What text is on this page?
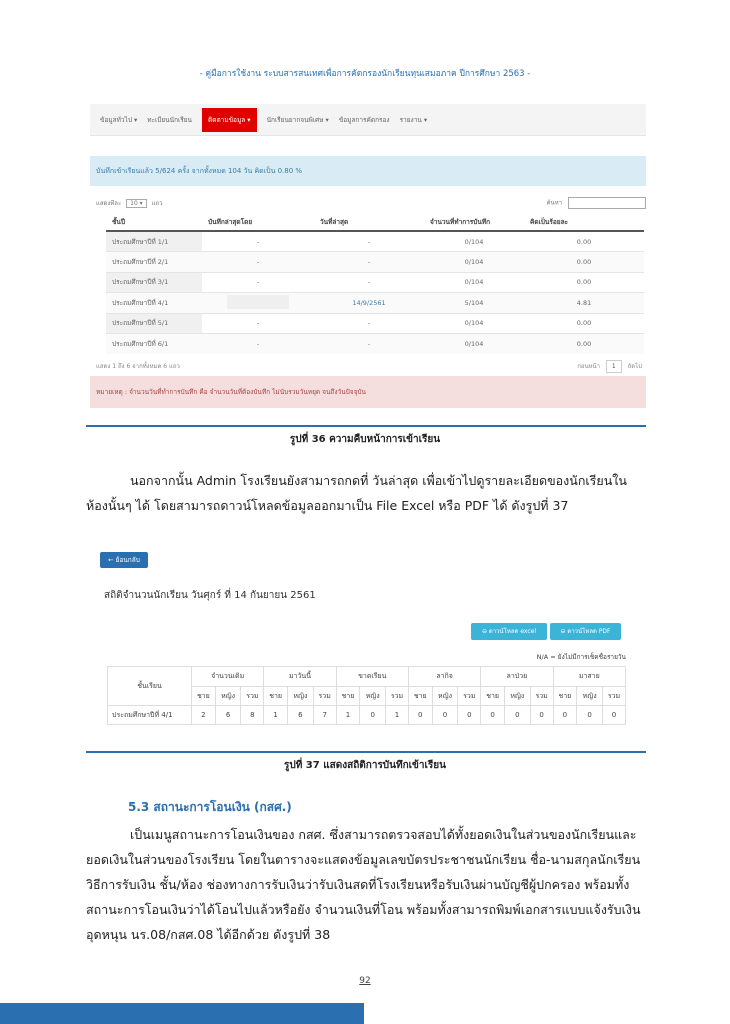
- คู่มือการใช้งาน ระบบสารสนเทศเพื่อการคัดกรองนักเรียนทุนเสมอภาค ปีการศึกษา 2563 -
ข้อมูลทั่วไป ▾ ทะเบียนนักเรียน	ติดตามข้อมูล ▾	นักเรียนยากจนพิเศษ ▾ ข้อมูลการคัดกรอง รายงาน ▾
บันทึกเข้าเรียนแล้ว 5/624 ครั้ง จากทั้งหมด 104 วัน คิดเป็น 0.80 %
แสดงทีละ 10 ▾ แถว	ค้นหา
ชั้นปี	บันทึกล่าสุดโดย	วันที่ล่าสุด	จำนวนที่ทำการบันทึก	คิดเป็นร้อยละ
ประถมศึกษาปีที่ 1/1	-	-	0/104	0.00
ประถมศึกษาปีที่ 2/1	-	-	0/104	0.00
ประถมศึกษาปีที่ 3/1	-	-	0/104	0.00
ประถมศึกษาปีที่ 4/1		14/9/2561	5/104	4.81
ประถมศึกษาปีที่ 5/1	-	-	0/104	0.00
ประถมศึกษาปีที่ 6/1	-	-	0/104	0.00
แสดง 1 ถึง 6 จากทั้งหมด 6 แถว	ก่อนหน้า 1 ถัดไป
หมายเหตุ : จำนวนวันที่ทำการบันทึก คือ จำนวนวันที่ต้องบันทึก ไม่นับรวมวันหยุด จนถึงวันปัจจุบัน
รูปที่ 36 ความคืบหน้าการเข้าเรียน
นอกจากนั้น Admin โรงเรียนยังสามารถกดที่ วันล่าสุด เพื่อเข้าไปดูรายละเอียดของนักเรียนในห้องนั้นๆ ได้ โดยสามารถดาวน์โหลดข้อมูลออกมาเป็น File Excel หรือ PDF ได้ ดังรูปที่ 37
← ย้อนกลับ
สถิติจำนวนนักเรียน วันศุกร์ ที่ 14 กันยายน 2561
⊖ ดาวน์โหลด excel	⊖ ดาวน์โหลด PDF
N/A = ยังไม่มีการเช็คชื่อรายวัน
ชั้นเรียน	จำนวนเดิม			มาวันนี้			ขาดเรียน			ลากิจ			ลาป่วย			มาสาย		
	ชาย	หญิง	รวม	ชาย	หญิง	รวม	ชาย	หญิง	รวม	ชาย	หญิง	รวม	ชาย	หญิง	รวม	ชาย	หญิง	รวม
ประถมศึกษาปีที่ 4/1	2	6	8	1	6	7	1	0	1	0	0	0	0	0	0	0	0	0
รูปที่ 37 แสดงสถิติการบันทึกเข้าเรียน
5.3 สถานะการโอนเงิน (กสศ.)
เป็นเมนูสถานะการโอนเงินของ กสศ. ซึ่งสามารถตรวจสอบได้ทั้งยอดเงินในส่วนของนักเรียนและยอดเงินในส่วนของโรงเรียน โดยในตารางจะแสดงข้อมูลเลขบัตรประชาชนนักเรียน ชื่อ-นามสกุลนักเรียน วิธีการรับเงิน ชั้น/ห้อง ช่องทางการรับเงินว่ารับเงินสดที่โรงเรียนหรือรับเงินผ่านบัญชีผู้ปกครอง พร้อมทั้งสถานะการโอนเงินว่าได้โอนไปแล้วหรือยัง จำนวนเงินที่โอน พร้อมทั้งสามารถพิมพ์เอกสารแบบแจ้งรับเงินอุดหนุน นร.08/กสศ.08 ได้อีกด้วย ดังรูปที่ 38
92
